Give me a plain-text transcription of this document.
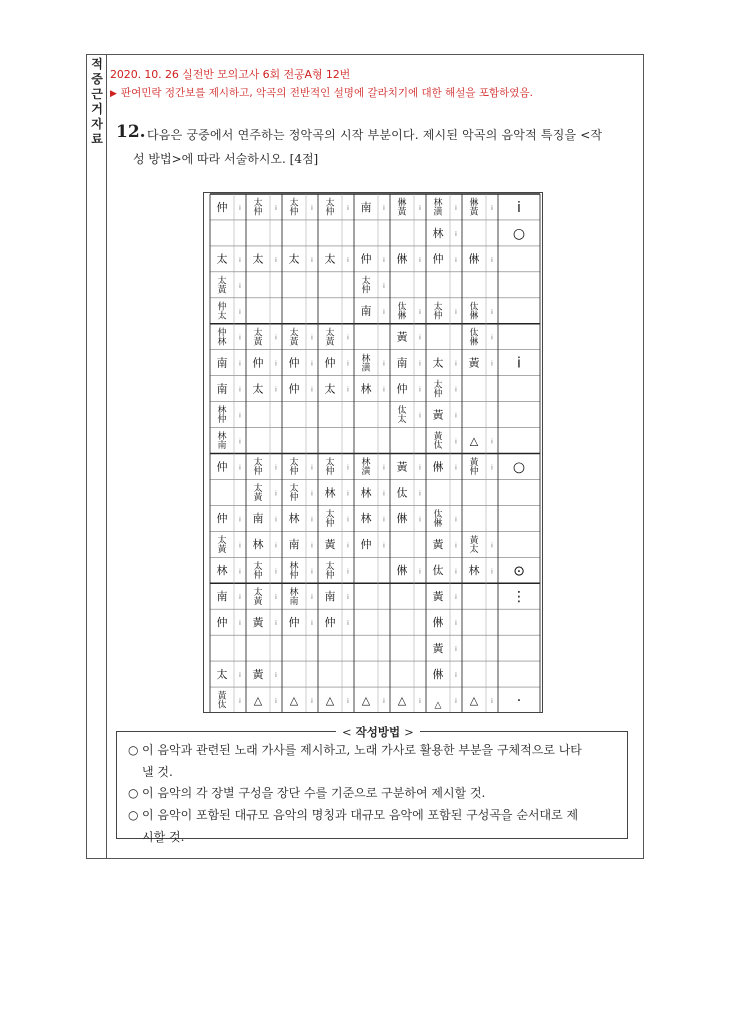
적중근거자료
2020. 10. 26 실전반 모의고사 6회 전공A형 12번
▶ 판여민락 정간보를 제시하고, 악곡의 전반적인 설명에 갈라치기에 대한 해설을 포함하였음.
12. 다음은 궁중에서 연주하는 정악곡의 시작 부분이다. 제시된 악곡의 음악적 특징을 <작
성 방법>에 따라 서술하시오. [4점]
仲 ⅰ
太 ⅰ
太黃 ⅰ
仲太 ⅰ
仲林 ⅰ
南 ⅰ
南 ⅰ
林仲 ⅰ
林南 ⅰ
仲 ⅰ
仲 ⅰ
太黃 ⅰ
林 ⅰ
南 ⅰ
仲 ⅰ
太 ⅰ
黃㑀 ⅰ
太仲 ⅰ
太 ⅰ
太黃 ⅰ
仲 ⅰ
太 ⅰ
太仲 ⅰ
太黃 ⅰ
南 ⅰ
林 ⅰ
太仲 ⅰ
太黃 ⅰ
黃 ⅰ
黃 ⅰ
△ ⅰ
太仲 ⅰ
太 ⅰ
太黃 ⅰ
仲 ⅰ
仲 ⅰ
太仲 ⅰ
太仲 ⅰ
林 ⅰ
南 ⅰ
林仲 ⅰ
林南 ⅰ
仲 ⅰ
△ ⅰ
太仲 ⅰ
太 ⅰ
太黃 ⅰ
仲 ⅰ
太 ⅰ
太仲 ⅰ
林 ⅰ
太仲 ⅰ
黃 ⅰ
太仲 ⅰ
南 ⅰ
仲 ⅰ
△ ⅰ
南 ⅰ
仲 ⅰ
太仲 ⅰ
南 ⅰ
林潢 ⅰ
林 ⅰ
林潢 ⅰ
林 ⅰ
林 ⅰ
仲 ⅰ
△ ⅰ
㑣黃 ⅰ
㑣 ⅰ
㑀㑣 ⅰ
黃 ⅰ
南 ⅰ
仲 ⅰ
㑀太 ⅰ
黃 ⅰ
㑀 ⅰ
㑣 ⅰ
㑣 ⅰ
△ ⅰ
林潢 ⅰ
林 ⅰ
仲 ⅰ
太仲 ⅰ
太 ⅰ
太仲 ⅰ
黃 ⅰ
黃㑀 ⅰ
㑣 ⅰ
㑀㑣 ⅰ
黃 ⅰ
㑀 ⅰ
黃 ⅰ
㑣 ⅰ
黃 ⅰ
㑣 ⅰ
△ ⅰ
㑣黃 ⅰ
㑣 ⅰ
㑀㑣 ⅰ
㑀㑣 ⅰ
黃 ⅰ
△ ⅰ
黃仲 ⅰ
黃太 ⅰ
林 ⅰ
△ ⅰ
i
○
i
○
⊙
⋮
·
< 작성방법 >
○ 이 음악과 관련된 노래 가사를 제시하고, 노래 가사로 활용한 부분을 구체적으로 나타
낼 것.
○ 이 음악의 각 장별 구성을 장단 수를 기준으로 구분하여 제시할 것.
○ 이 음악이 포함된 대규모 음악의 명칭과 대규모 음악에 포함된 구성곡을 순서대로 제
시할 것.
